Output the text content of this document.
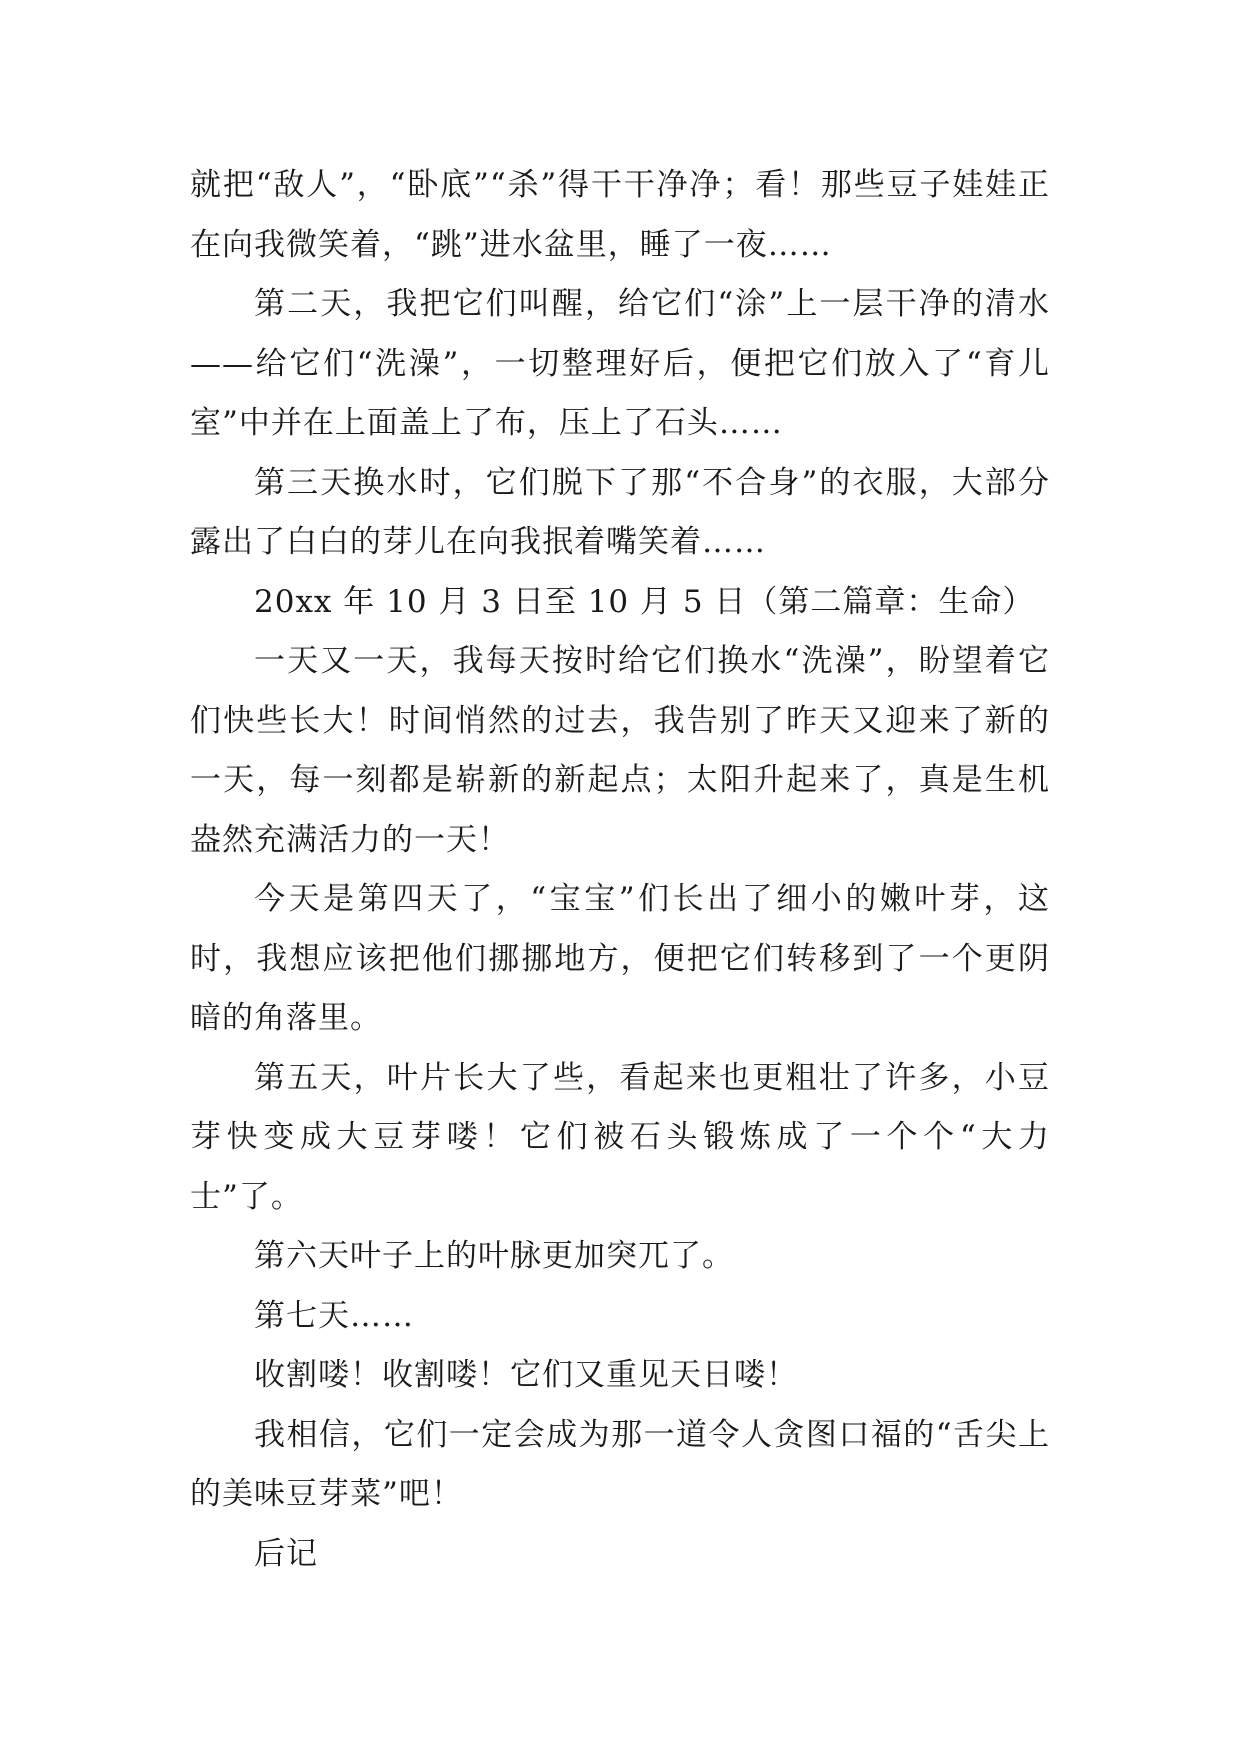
就把“敌人”，“卧底”“杀”得干干净净；看！那些豆子娃娃正在向我微笑着，“跳”进水盆里，睡了一夜……

第二天，我把它们叫醒，给它们“涂”上一层干净的清水——给它们“洗澡”，一切整理好后，便把它们放入了“育儿室”中并在上面盖上了布，压上了石头……

第三天换水时，它们脱下了那“不合身”的衣服，大部分露出了白白的芽儿在向我抿着嘴笑着……

20xx 年 10 月 3 日至 10 月 5 日（第二篇章：生命）

一天又一天，我每天按时给它们换水“洗澡”，盼望着它们快些长大！时间悄然的过去，我告别了昨天又迎来了新的一天，每一刻都是崭新的新起点；太阳升起来了，真是生机盎然充满活力的一天！

今天是第四天了，“宝宝”们长出了细小的嫩叶芽，这时，我想应该把他们挪挪地方，便把它们转移到了一个更阴暗的角落里。

第五天，叶片长大了些，看起来也更粗壮了许多，小豆芽快变成大豆芽喽！它们被石头锻炼成了一个个“大力士”了。

第六天叶子上的叶脉更加突兀了。

第七天……

收割喽！收割喽！它们又重见天日喽！

我相信，它们一定会成为那一道令人贪图口福的“舌尖上的美味豆芽菜”吧！

后记
